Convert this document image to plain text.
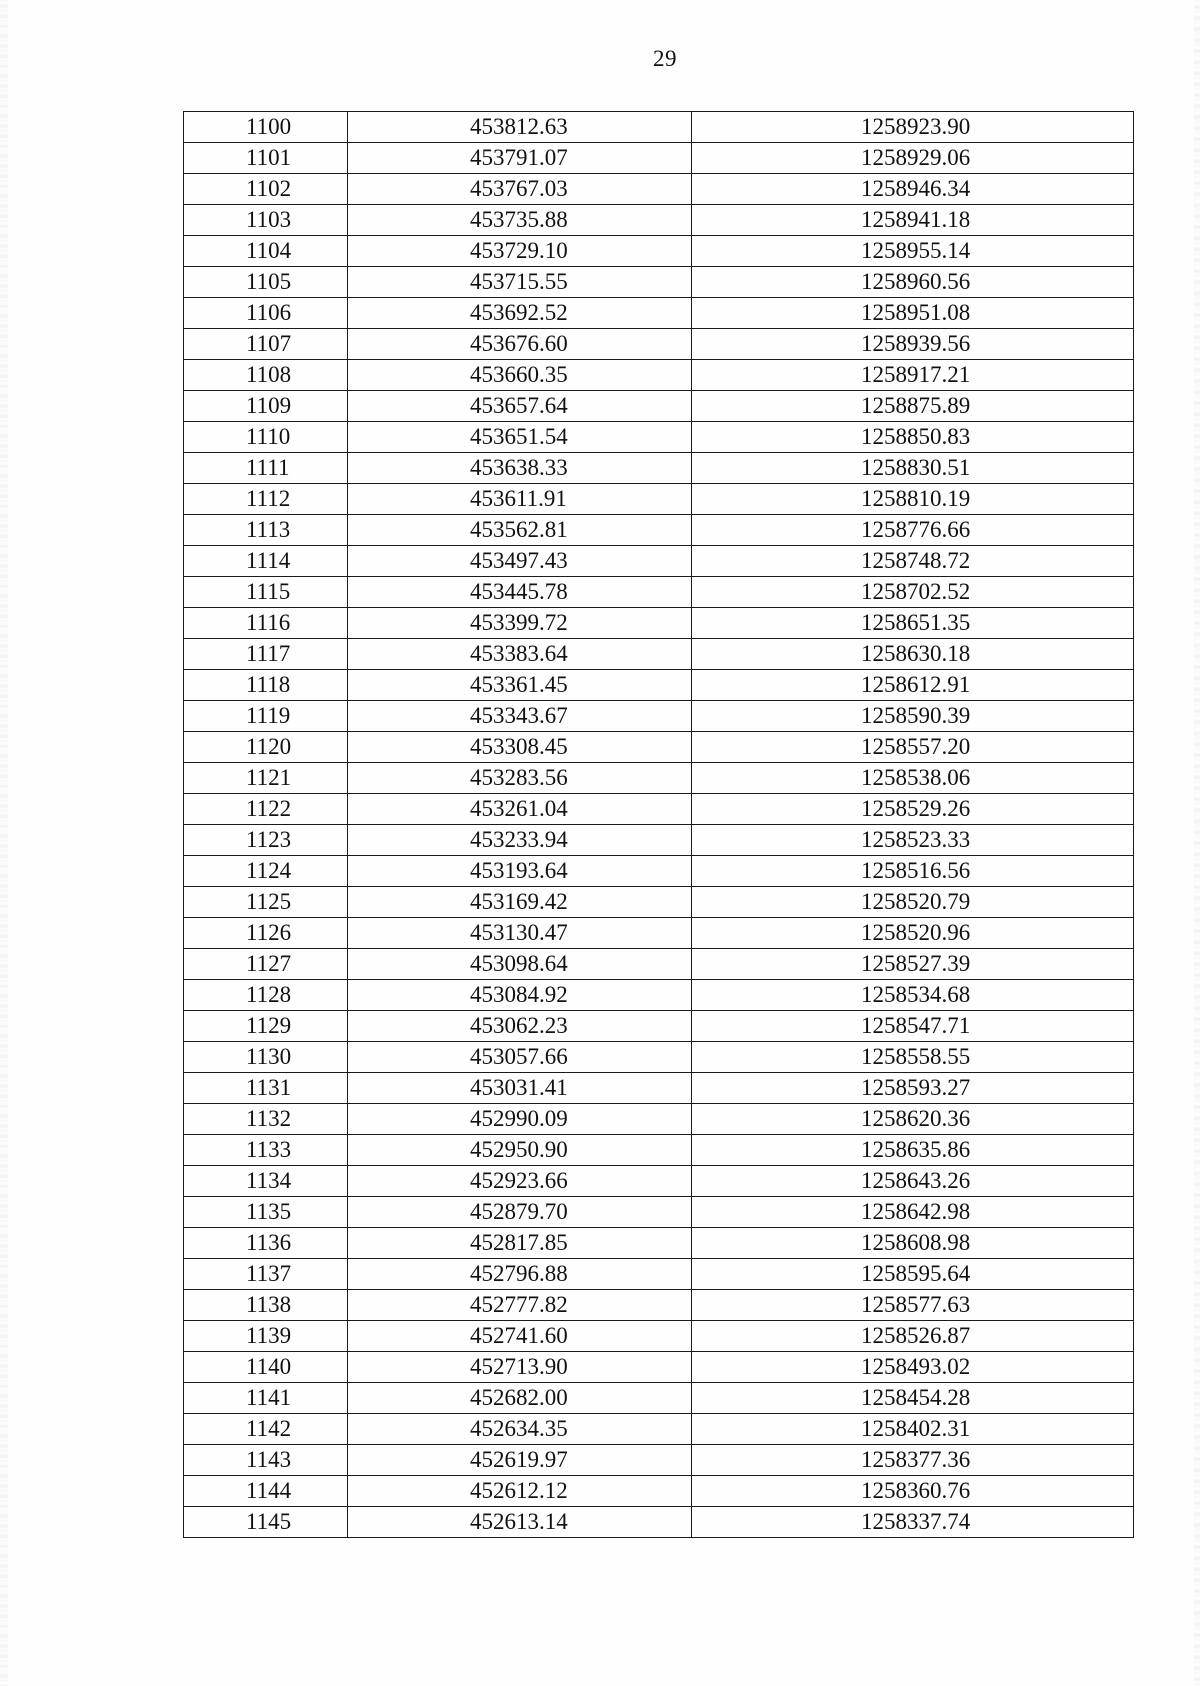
29
1100	453812.63	1258923.90
1101	453791.07	1258929.06
1102	453767.03	1258946.34
1103	453735.88	1258941.18
1104	453729.10	1258955.14
1105	453715.55	1258960.56
1106	453692.52	1258951.08
1107	453676.60	1258939.56
1108	453660.35	1258917.21
1109	453657.64	1258875.89
1110	453651.54	1258850.83
1111	453638.33	1258830.51
1112	453611.91	1258810.19
1113	453562.81	1258776.66
1114	453497.43	1258748.72
1115	453445.78	1258702.52
1116	453399.72	1258651.35
1117	453383.64	1258630.18
1118	453361.45	1258612.91
1119	453343.67	1258590.39
1120	453308.45	1258557.20
1121	453283.56	1258538.06
1122	453261.04	1258529.26
1123	453233.94	1258523.33
1124	453193.64	1258516.56
1125	453169.42	1258520.79
1126	453130.47	1258520.96
1127	453098.64	1258527.39
1128	453084.92	1258534.68
1129	453062.23	1258547.71
1130	453057.66	1258558.55
1131	453031.41	1258593.27
1132	452990.09	1258620.36
1133	452950.90	1258635.86
1134	452923.66	1258643.26
1135	452879.70	1258642.98
1136	452817.85	1258608.98
1137	452796.88	1258595.64
1138	452777.82	1258577.63
1139	452741.60	1258526.87
1140	452713.90	1258493.02
1141	452682.00	1258454.28
1142	452634.35	1258402.31
1143	452619.97	1258377.36
1144	452612.12	1258360.76
1145	452613.14	1258337.74
